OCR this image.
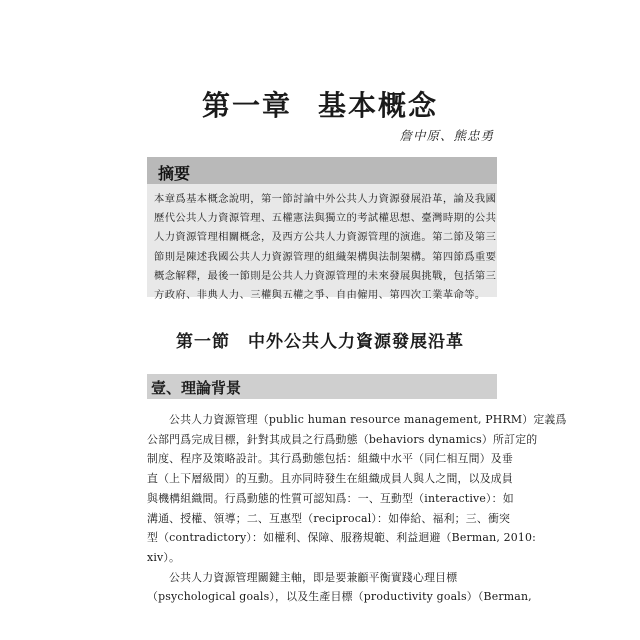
第一章 基本概念
詹中原、熊忠勇
摘要
本章爲基本概念說明，第一節討論中外公共人力資源發展沿革，論及我國
歷代公共人力資源管理、五權憲法與獨立的考試權思想、臺灣時期的公共
人力資源管理相關概念，及西方公共人力資源管理的演進。第二節及第三
節則是陳述我國公共人力資源管理的組織架構與法制架構。第四節爲重要
概念解釋，最後一節則是公共人力資源管理的未來發展與挑戰，包括第三
方政府、非典人力、三權與五權之爭、自由僱用、第四次工業革命等。
第一節 中外公共人力資源發展沿革
壹、理論背景
公共人力資源管理（public human resource management, PHRM）定義爲
公部門爲完成目標，針對其成員之行爲動態（behaviors dynamics）所訂定的
制度、程序及策略設計。其行爲動態包括：組織中水平（同仁相互間）及垂
直（上下層級間）的互動。且亦同時發生在組織成員人與人之間，以及成員
與機構組織間。行爲動態的性質可認知爲：一、互動型（interactive）：如
溝通、授權、領導；二、互惠型（reciprocal）：如俸給、福利；三、衝突
型（contradictory）：如權利、保障、服務規範、利益迴避（Berman, 2010:
xiv）。
公共人力資源管理關鍵主軸，即是要兼顧平衡實踐心理目標
（psychological goals），以及生產目標（productivity goals）（Berman,
